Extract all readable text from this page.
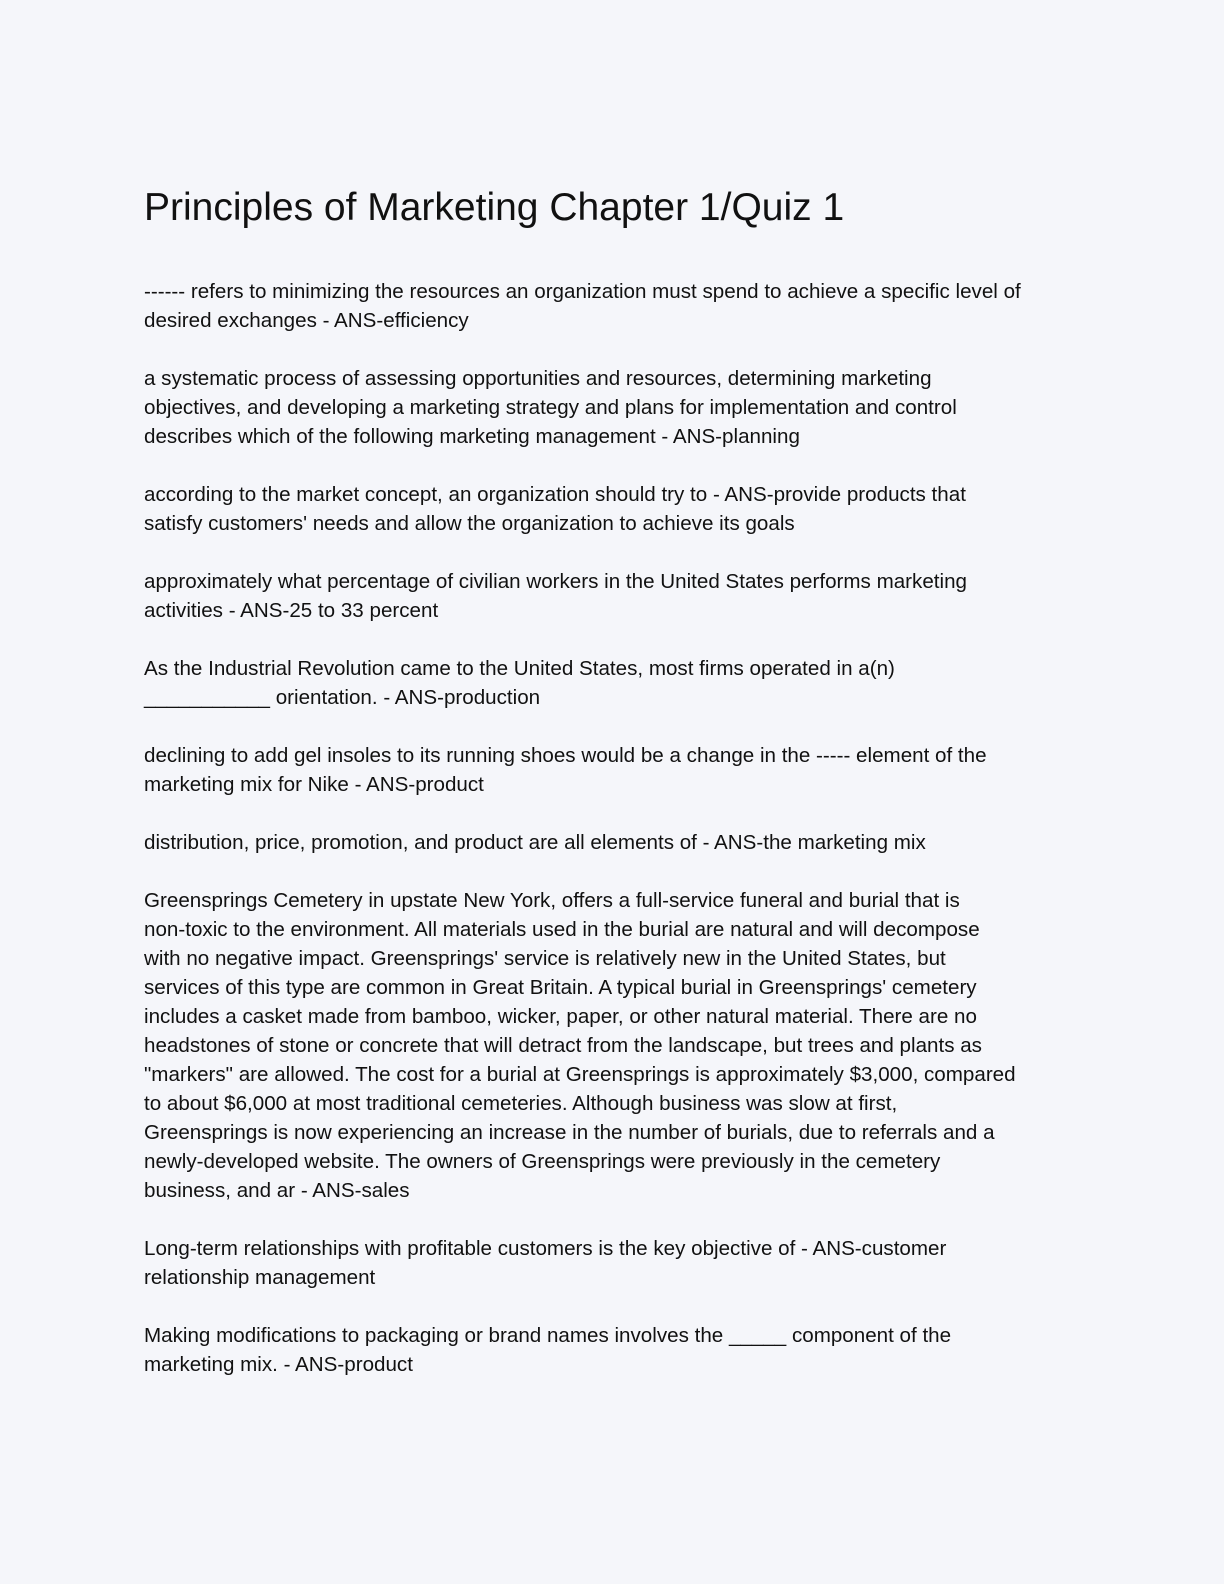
Principles of Marketing Chapter 1/Quiz 1

------ refers to minimizing the resources an organization must spend to achieve a specific level of
desired exchanges - ANS-efficiency

a systematic process of assessing opportunities and resources, determining marketing
objectives, and developing a marketing strategy and plans for implementation and control
describes which of the following marketing management - ANS-planning

according to the market concept, an organization should try to - ANS-provide products that
satisfy customers' needs and allow the organization to achieve its goals

approximately what percentage of civilian workers in the United States performs marketing
activities - ANS-25 to 33 percent

As the Industrial Revolution came to the United States, most firms operated in a(n)
___________ orientation. - ANS-production

declining to add gel insoles to its running shoes would be a change in the ----- element of the
marketing mix for Nike - ANS-product

distribution, price, promotion, and product are all elements of - ANS-the marketing mix

Greensprings Cemetery in upstate New York, offers a full-service funeral and burial that is
non-toxic to the environment. All materials used in the burial are natural and will decompose
with no negative impact. Greensprings' service is relatively new in the United States, but
services of this type are common in Great Britain. A typical burial in Greensprings' cemetery
includes a casket made from bamboo, wicker, paper, or other natural material. There are no
headstones of stone or concrete that will detract from the landscape, but trees and plants as
"markers" are allowed. The cost for a burial at Greensprings is approximately $3,000, compared
to about $6,000 at most traditional cemeteries. Although business was slow at first,
Greensprings is now experiencing an increase in the number of burials, due to referrals and a
newly-developed website. The owners of Greensprings were previously in the cemetery
business, and ar - ANS-sales

Long-term relationships with profitable customers is the key objective of - ANS-customer
relationship management

Making modifications to packaging or brand names involves the _____ component of the
marketing mix. - ANS-product
